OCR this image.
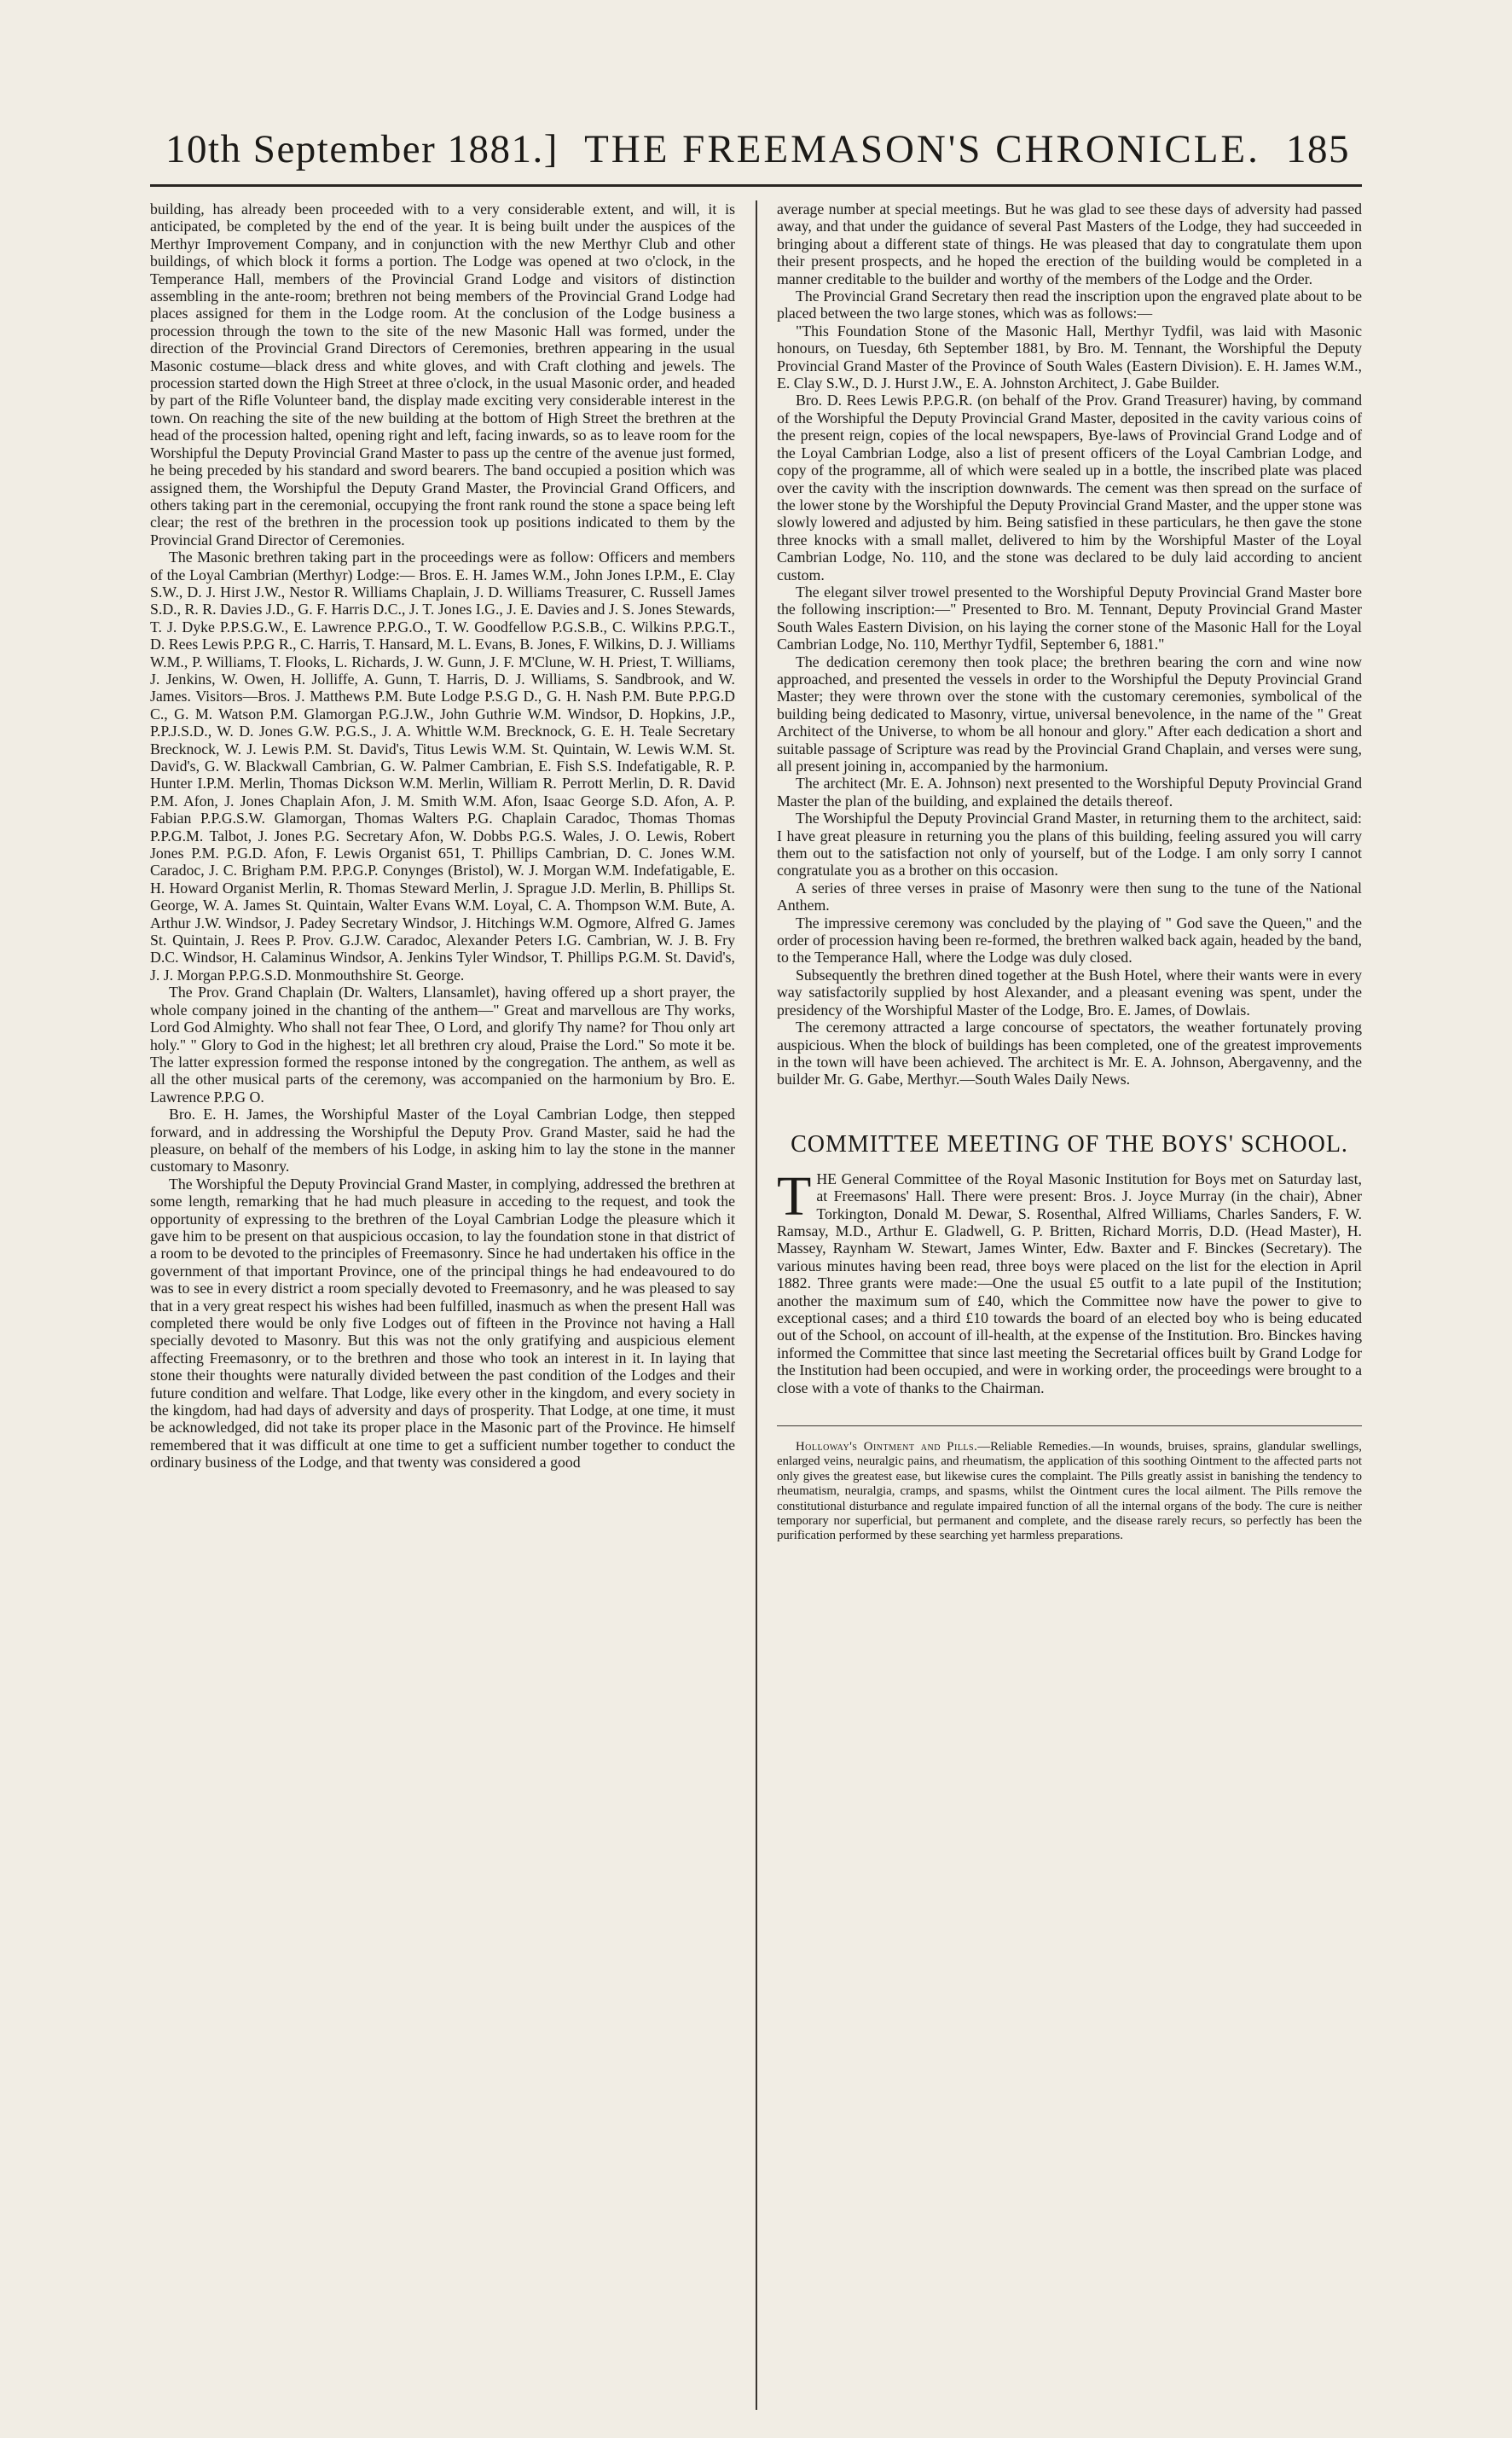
10th September 1881.] THE FREEMASON'S CHRONICLE. 185

building, has already been proceeded with to a very considerable extent, and will, it is anticipated, be completed by the end of the year. It is being built under the auspices of the Merthyr Improvement Company, and in conjunction with the new Merthyr Club and other buildings, of which block it forms a portion. The Lodge was opened at two o'clock, in the Temperance Hall, members of the Provincial Grand Lodge and visitors of distinction assembling in the ante-room; brethren not being members of the Provincial Grand Lodge had places assigned for them in the Lodge room. At the conclusion of the Lodge business a procession through the town to the site of the new Masonic Hall was formed, under the direction of the Provincial Grand Directors of Ceremonies, brethren appearing in the usual Masonic costume—black dress and white gloves, and with Craft clothing and jewels. The procession started down the High Street at three o'clock, in the usual Masonic order, and headed by part of the Rifle Volunteer band, the display made exciting very considerable interest in the town. On reaching the site of the new building at the bottom of High Street the brethren at the head of the procession halted, opening right and left, facing inwards, so as to leave room for the Worshipful the Deputy Provincial Grand Master to pass up the centre of the avenue just formed, he being preceded by his standard and sword bearers. The band occupied a position which was assigned them, the Worshipful the Deputy Grand Master, the Provincial Grand Officers, and others taking part in the ceremonial, occupying the front rank round the stone a space being left clear; the rest of the brethren in the procession took up positions indicated to them by the Provincial Grand Director of Ceremonies.

The Masonic brethren taking part in the proceedings were as follow: Officers and members of the Loyal Cambrian (Merthyr) Lodge:— Bros. E. H. James W.M., John Jones I.P.M., E. Clay S.W., D. J. Hirst J.W., Nestor R. Williams Chaplain, J. D. Williams Treasurer, C. Russell James S.D., R. R. Davies J.D., G. F. Harris D.C., J. T. Jones I.G., J. E. Davies and J. S. Jones Stewards, T. J. Dyke P.P.S.G.W., E. Lawrence P.P.G.O., T. W. Goodfellow P.G.S.B., C. Wilkins P.P.G.T., D. Rees Lewis P.P.G R., C. Harris, T. Hansard, M. L. Evans, B. Jones, F. Wilkins, D. J. Williams W.M., P. Williams, T. Flooks, L. Richards, J. W. Gunn, J. F. M'Clune, W. H. Priest, T. Williams, J. Jenkins, W. Owen, H. Jolliffe, A. Gunn, T. Harris, D. J. Williams, S. Sandbrook, and W. James. Visitors—Bros. J. Matthews P.M. Bute Lodge P.S.G D., G. H. Nash P.M. Bute P.P.G.D C., G. M. Watson P.M. Glamorgan P.G.J.W., John Guthrie W.M. Windsor, D. Hopkins, J.P., P.P.J.S.D., W. D. Jones G.W. P.G.S., J. A. Whittle W.M. Brecknock, G. E. H. Teale Secretary Brecknock, W. J. Lewis P.M. St. David's, Titus Lewis W.M. St. Quintain, W. Lewis W.M. St. David's, G. W. Blackwall Cambrian, G. W. Palmer Cambrian, E. Fish S.S. Indefatigable, R. P. Hunter I.P.M. Merlin, Thomas Dickson W.M. Merlin, William R. Perrott Merlin, D. R. David P.M. Afon, J. Jones Chaplain Afon, J. M. Smith W.M. Afon, Isaac George S.D. Afon, A. P. Fabian P.P.G.S.W. Glamorgan, Thomas Walters P.G. Chaplain Caradoc, Thomas Thomas P.P.G.M. Talbot, J. Jones P.G. Secretary Afon, W. Dobbs P.G.S. Wales, J. O. Lewis, Robert Jones P.M. P.G.D. Afon, F. Lewis Organist 651, T. Phillips Cambrian, D. C. Jones W.M. Caradoc, J. C. Brigham P.M. P.P.G.P. Conynges (Bristol), W. J. Morgan W.M. Indefatigable, E. H. Howard Organist Merlin, R. Thomas Steward Merlin, J. Sprague J.D. Merlin, B. Phillips St. George, W. A. James St. Quintain, Walter Evans W.M. Loyal, C. A. Thompson W.M. Bute, A. Arthur J.W. Windsor, J. Padey Secretary Windsor, J. Hitchings W.M. Ogmore, Alfred G. James St. Quintain, J. Rees P. Prov. G.J.W. Caradoc, Alexander Peters I.G. Cambrian, W. J. B. Fry D.C. Windsor, H. Calaminus Windsor, A. Jenkins Tyler Windsor, T. Phillips P.G.M. St. David's, J. J. Morgan P.P.G.S.D. Monmouthshire St. George.

The Prov. Grand Chaplain (Dr. Walters, Llansamlet), having offered up a short prayer, the whole company joined in the chanting of the anthem—" Great and marvellous are Thy works, Lord God Almighty. Who shall not fear Thee, O Lord, and glorify Thy name? for Thou only art holy." " Glory to God in the highest; let all brethren cry aloud, Praise the Lord." So mote it be. The latter expression formed the response intoned by the congregation. The anthem, as well as all the other musical parts of the ceremony, was accompanied on the harmonium by Bro. E. Lawrence P.P.G O.

Bro. E. H. James, the Worshipful Master of the Loyal Cambrian Lodge, then stepped forward, and in addressing the Worshipful the Deputy Prov. Grand Master, said he had the pleasure, on behalf of the members of his Lodge, in asking him to lay the stone in the manner customary to Masonry.

The Worshipful the Deputy Provincial Grand Master, in complying, addressed the brethren at some length, remarking that he had much pleasure in acceding to the request, and took the opportunity of expressing to the brethren of the Loyal Cambrian Lodge the pleasure which it gave him to be present on that auspicious occasion, to lay the foundation stone in that district of a room to be devoted to the principles of Freemasonry. Since he had undertaken his office in the government of that important Province, one of the principal things he had endeavoured to do was to see in every district a room specially devoted to Freemasonry, and he was pleased to say that in a very great respect his wishes had been fulfilled, inasmuch as when the present Hall was completed there would be only five Lodges out of fifteen in the Province not having a Hall specially devoted to Masonry. But this was not the only gratifying and auspicious element affecting Freemasonry, or to the brethren and those who took an interest in it. In laying that stone their thoughts were naturally divided between the past condition of the Lodges and their future condition and welfare. That Lodge, like every other in the kingdom, and every society in the kingdom, had had days of adversity and days of prosperity. That Lodge, at one time, it must be acknowledged, did not take its proper place in the Masonic part of the Province. He himself remembered that it was difficult at one time to get a sufficient number together to conduct the ordinary business of the Lodge, and that twenty was considered a good

average number at special meetings. But he was glad to see these days of adversity had passed away, and that under the guidance of several Past Masters of the Lodge, they had succeeded in bringing about a different state of things. He was pleased that day to congratulate them upon their present prospects, and he hoped the erection of the building would be completed in a manner creditable to the builder and worthy of the members of the Lodge and the Order.

The Provincial Grand Secretary then read the inscription upon the engraved plate about to be placed between the two large stones, which was as follows:—

"This Foundation Stone of the Masonic Hall, Merthyr Tydfil, was laid with Masonic honours, on Tuesday, 6th September 1881, by Bro. M. Tennant, the Worshipful the Deputy Provincial Grand Master of the Province of South Wales (Eastern Division). E. H. James W.M., E. Clay S.W., D. J. Hurst J.W., E. A. Johnston Architect, J. Gabe Builder.

Bro. D. Rees Lewis P.P.G.R. (on behalf of the Prov. Grand Treasurer) having, by command of the Worshipful the Deputy Provincial Grand Master, deposited in the cavity various coins of the present reign, copies of the local newspapers, Bye-laws of Provincial Grand Lodge and of the Loyal Cambrian Lodge, also a list of present officers of the Loyal Cambrian Lodge, and copy of the programme, all of which were sealed up in a bottle, the inscribed plate was placed over the cavity with the inscription downwards. The cement was then spread on the surface of the lower stone by the Worshipful the Deputy Provincial Grand Master, and the upper stone was slowly lowered and adjusted by him. Being satisfied in these particulars, he then gave the stone three knocks with a small mallet, delivered to him by the Worshipful Master of the Loyal Cambrian Lodge, No. 110, and the stone was declared to be duly laid according to ancient custom.

The elegant silver trowel presented to the Worshipful Deputy Provincial Grand Master bore the following inscription:—" Presented to Bro. M. Tennant, Deputy Provincial Grand Master South Wales Eastern Division, on his laying the corner stone of the Masonic Hall for the Loyal Cambrian Lodge, No. 110, Merthyr Tydfil, September 6, 1881."

The dedication ceremony then took place; the brethren bearing the corn and wine now approached, and presented the vessels in order to the Worshipful the Deputy Provincial Grand Master; they were thrown over the stone with the customary ceremonies, symbolical of the building being dedicated to Masonry, virtue, universal benevolence, in the name of the " Great Architect of the Universe, to whom be all honour and glory." After each dedication a short and suitable passage of Scripture was read by the Provincial Grand Chaplain, and verses were sung, all present joining in, accompanied by the harmonium.

The architect (Mr. E. A. Johnson) next presented to the Worshipful Deputy Provincial Grand Master the plan of the building, and explained the details thereof.

The Worshipful the Deputy Provincial Grand Master, in returning them to the architect, said: I have great pleasure in returning you the plans of this building, feeling assured you will carry them out to the satisfaction not only of yourself, but of the Lodge. I am only sorry I cannot congratulate you as a brother on this occasion.

A series of three verses in praise of Masonry were then sung to the tune of the National Anthem.

The impressive ceremony was concluded by the playing of " God save the Queen," and the order of procession having been re-formed, the brethren walked back again, headed by the band, to the Temperance Hall, where the Lodge was duly closed.

Subsequently the brethren dined together at the Bush Hotel, where their wants were in every way satisfactorily supplied by host Alexander, and a pleasant evening was spent, under the presidency of the Worshipful Master of the Lodge, Bro. E. James, of Dowlais.

The ceremony attracted a large concourse of spectators, the weather fortunately proving auspicious. When the block of buildings has been completed, one of the greatest improvements in the town will have been achieved. The architect is Mr. E. A. Johnson, Abergavenny, and the builder Mr. G. Gabe, Merthyr.—South Wales Daily News.

COMMITTEE MEETING OF THE BOYS' SCHOOL.

THE General Committee of the Royal Masonic Institution for Boys met on Saturday last, at Freemasons' Hall. There were present: Bros. J. Joyce Murray (in the chair), Abner Torkington, Donald M. Dewar, S. Rosenthal, Alfred Williams, Charles Sanders, F. W. Ramsay, M.D., Arthur E. Gladwell, G. P. Britten, Richard Morris, D.D. (Head Master), H. Massey, Raynham W. Stewart, James Winter, Edw. Baxter and F. Binckes (Secretary). The various minutes having been read, three boys were placed on the list for the election in April 1882. Three grants were made:—One the usual £5 outfit to a late pupil of the Institution; another the maximum sum of £40, which the Committee now have the power to give to exceptional cases; and a third £10 towards the board of an elected boy who is being educated out of the School, on account of ill-health, at the expense of the Institution. Bro. Binckes having informed the Committee that since last meeting the Secretarial offices built by Grand Lodge for the Institution had been occupied, and were in working order, the proceedings were brought to a close with a vote of thanks to the Chairman.

Holloway's Ointment and Pills.—Reliable Remedies.—In wounds, bruises, sprains, glandular swellings, enlarged veins, neuralgic pains, and rheumatism, the application of this soothing Ointment to the affected parts not only gives the greatest ease, but likewise cures the complaint. The Pills greatly assist in banishing the tendency to rheumatism, neuralgia, cramps, and spasms, whilst the Ointment cures the local ailment. The Pills remove the constitutional disturbance and regulate impaired function of all the internal organs of the body. The cure is neither temporary nor superficial, but permanent and complete, and the disease rarely recurs, so perfectly has been the purification performed by these searching yet harmless preparations.
